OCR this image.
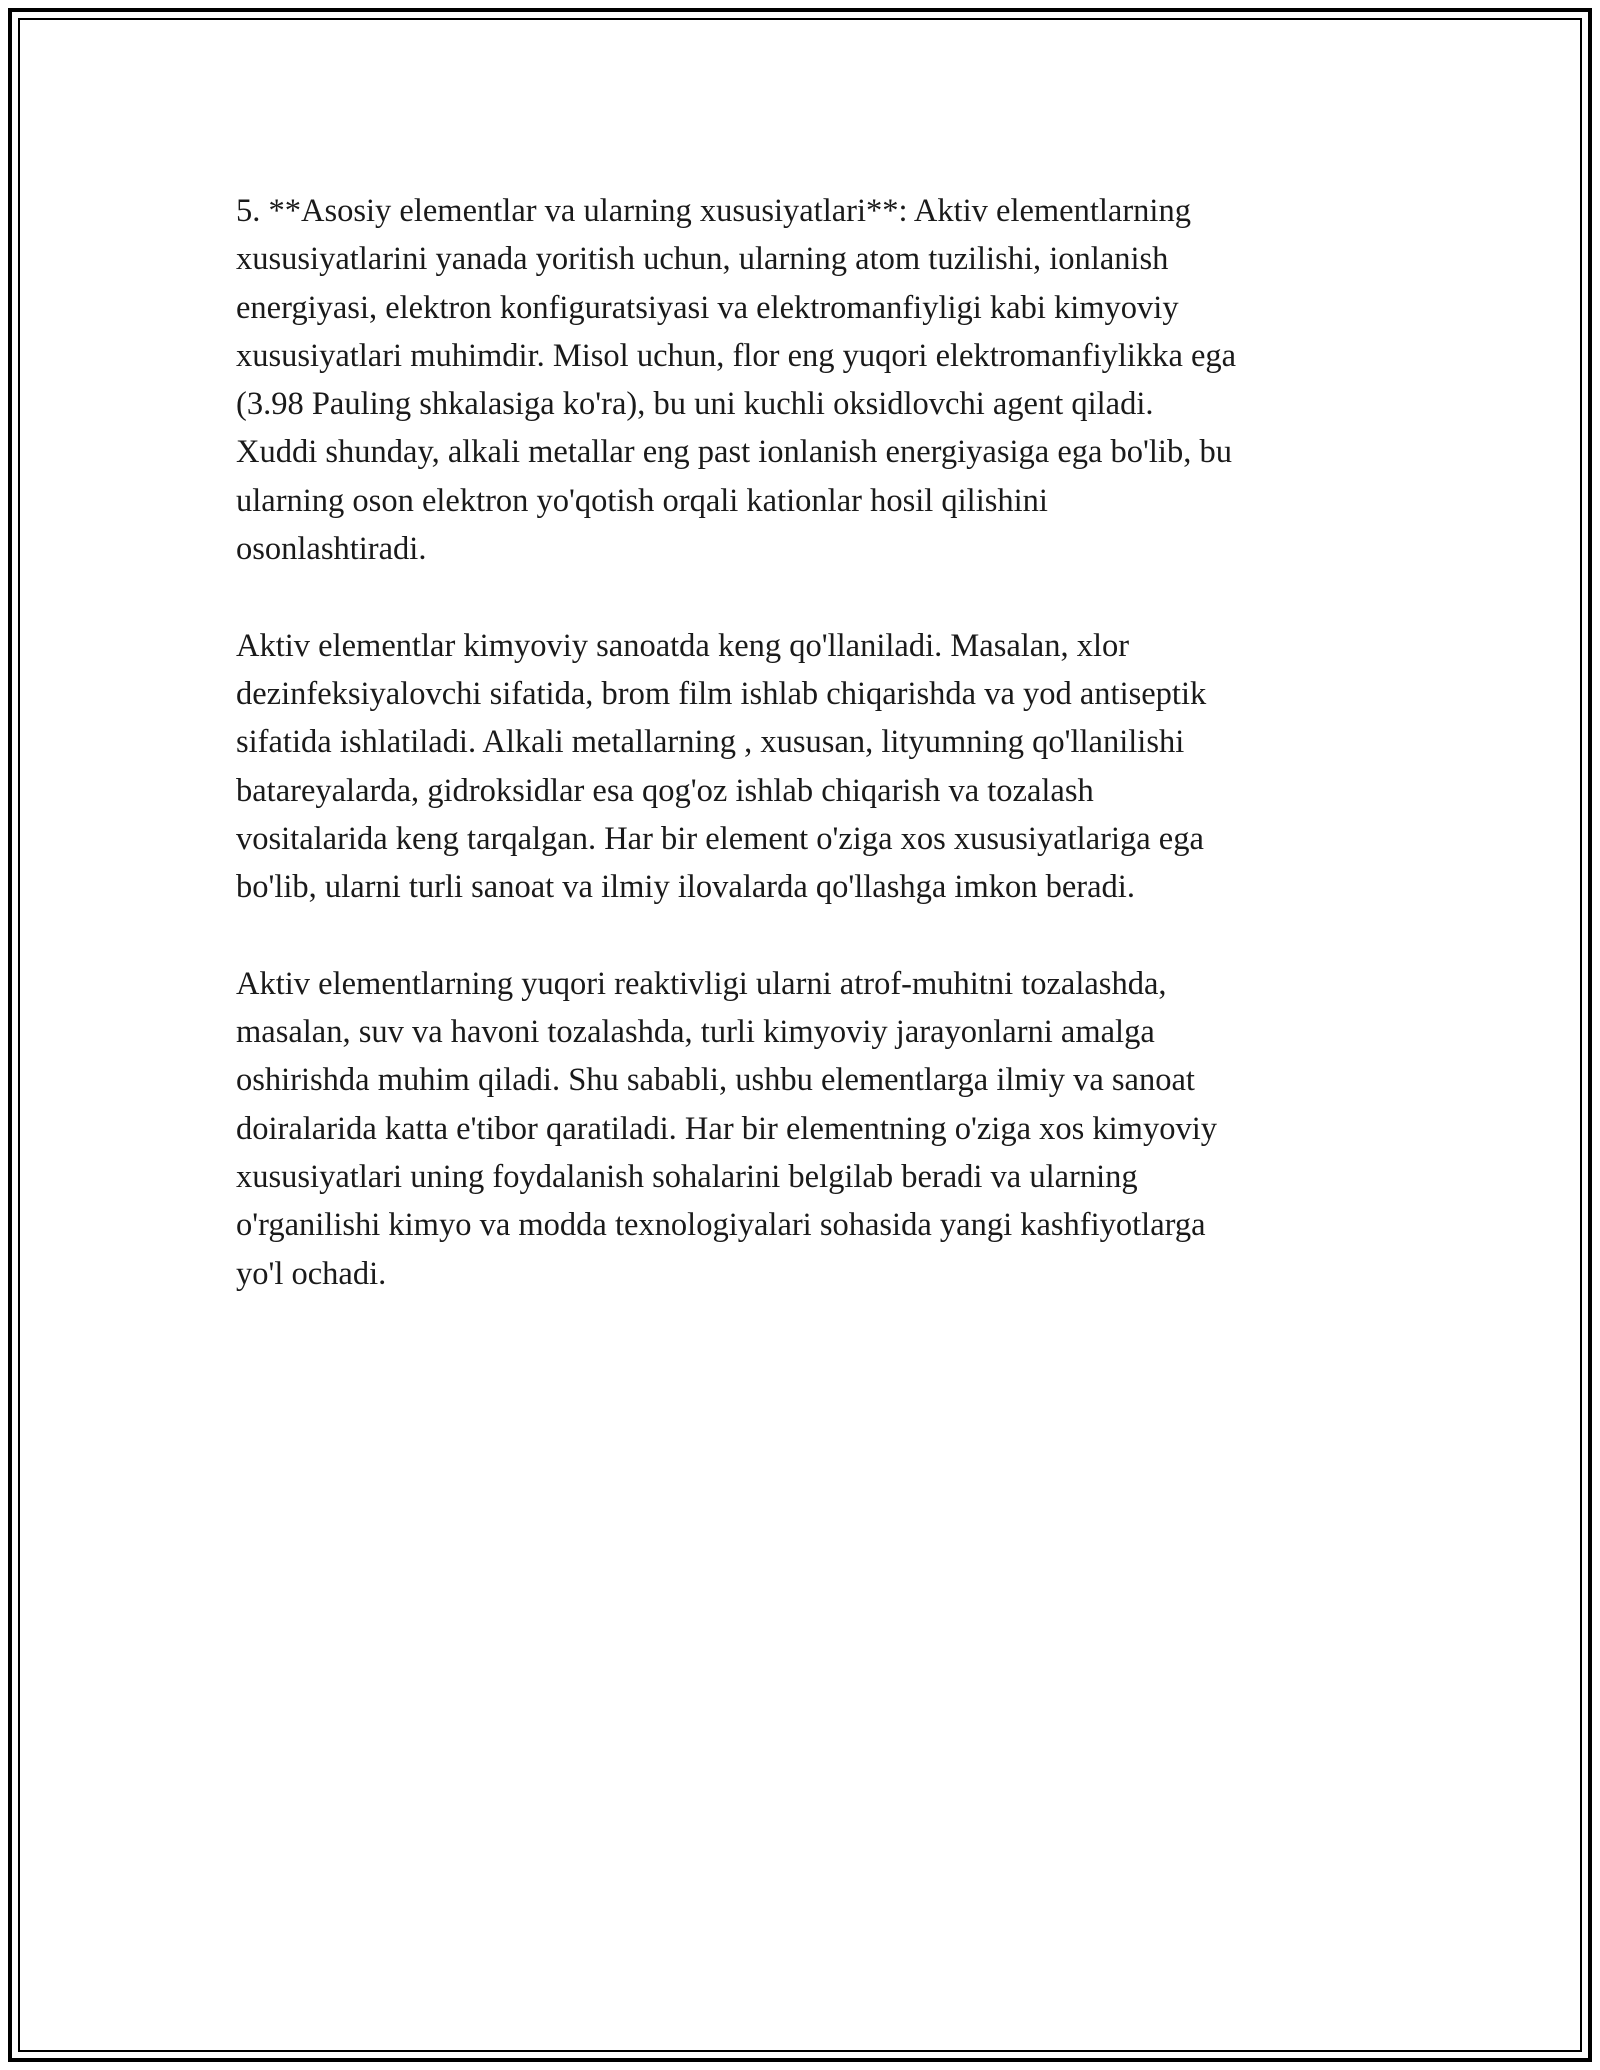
5. **Asosiy elementlar va ularning xususiyatlari**: Aktiv elementlarning
xususiyatlarini yanada yoritish uchun, ularning atom tuzilishi, ionlanish
energiyasi, elektron konfiguratsiyasi va elektromanfiyligi kabi kimyoviy
xususiyatlari muhimdir. Misol uchun, flor eng yuqori elektromanfiylikka ega
(3.98 Pauling shkalasiga ko'ra), bu uni kuchli oksidlovchi agent qiladi.
Xuddi shunday, alkali metallar eng past ionlanish energiyasiga ega bo'lib, bu
ularning oson elektron yo'qotish orqali kationlar hosil qilishini
osonlashtiradi.

Aktiv elementlar kimyoviy sanoatda keng qo'llaniladi. Masalan, xlor
dezinfeksiyalovchi sifatida, brom film ishlab chiqarishda va yod antiseptik
sifatida ishlatiladi. Alkali metallarning , xususan, lityumning qo'llanilishi
batareyalarda, gidroksidlar esa qog'oz ishlab chiqarish va tozalash
vositalarida keng tarqalgan. Har bir element o'ziga xos xususiyatlariga ega
bo'lib, ularni turli sanoat va ilmiy ilovalarda qo'llashga imkon beradi.

Aktiv elementlarning yuqori reaktivligi ularni atrof-muhitni tozalashda,
masalan, suv va havoni tozalashda, turli kimyoviy jarayonlarni amalga
oshirishda muhim qiladi. Shu sababli, ushbu elementlarga ilmiy va sanoat
doiralarida katta e'tibor qaratiladi. Har bir elementning o'ziga xos kimyoviy
xususiyatlari uning foydalanish sohalarini belgilab beradi va ularning
o'rganilishi kimyo va modda texnologiyalari sohasida yangi kashfiyotlarga
yo'l ochadi.
